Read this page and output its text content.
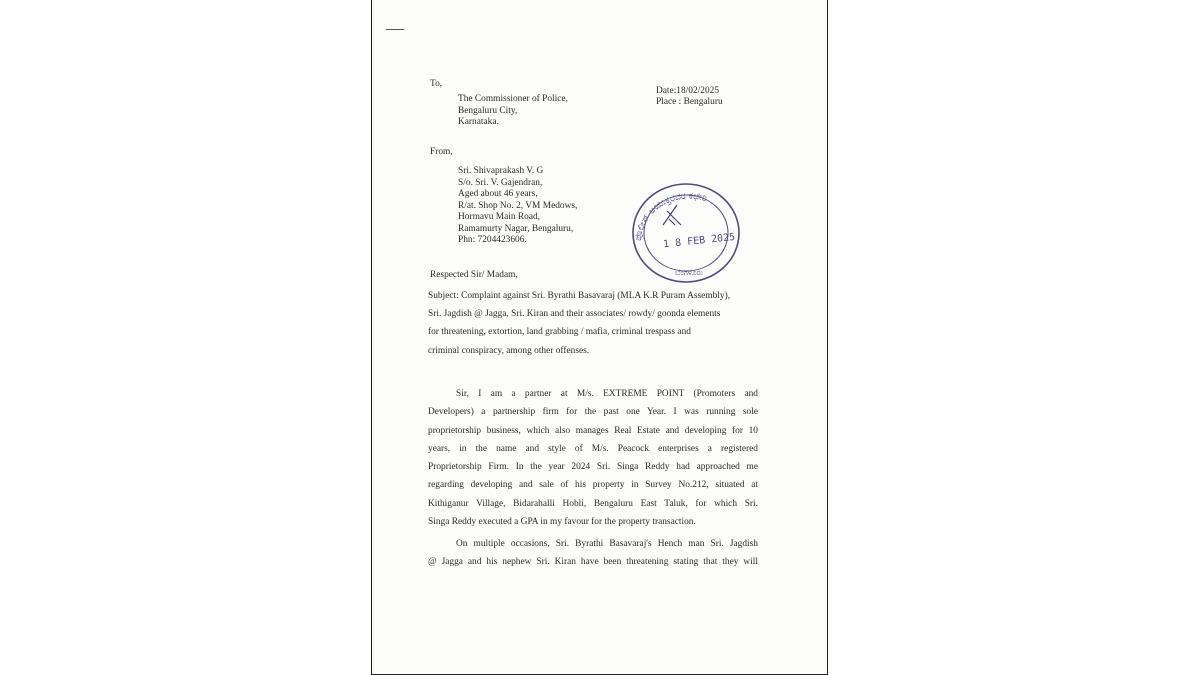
To,
The Commissioner of Police,
Bengaluru City,
Karnataka.
Date:18/02/2025
Place : Bengaluru
From,
Sri. Shivaprakash V. G
S/o. Sri. V. Gajendran,
Aged about 46 years,
R/at. Shop No. 2, VM Medows,
Hormavu Main Road,
Ramamurty Nagar, Bengaluru,
Phn: 7204423606.	ಪೊಲೀಸ್ ಆಯುಕ್ತರವರ ಕಛೇರಿ
1 8 FEB 2025
ಬೆಂಗಳೂರು
Respected Sir/ Madam,
Subject: Complaint against Sri. Byrathi Basavaraj (MLA K.R Puram Assembly),
Sri. Jagdish @ Jagga, Sri. Kiran and their associates/ rowdy/ goonda elements
for threatening, extortion, land grabbing / mafia, criminal trespass and
criminal conspiracy, among other offenses.
Sir, I am a partner at M/s. EXTREME POINT (Promoters and
Developers) a partnership firm for the past one Year. I was running sole
proprietorship business, which also manages Real Estate and developing for 10
years, in the name and style of M/s. Peacock enterprises a registered
Proprietorship Firm. In the year 2024 Sri. Singa Reddy had approached me
regarding developing and sale of his property in Survey No.212, situated at
Kithiganur Village, Bidarahalli Hobli, Bengaluru East Taluk, for which Sri.
Singa Reddy executed a GPA in my favour for the property transaction.
On multiple occasions, Sri. Byrathi Basavaraj's Hench man Sri. Jagdish
@ Jagga and his nephew Sri. Kiran have been threatening stating that they will
